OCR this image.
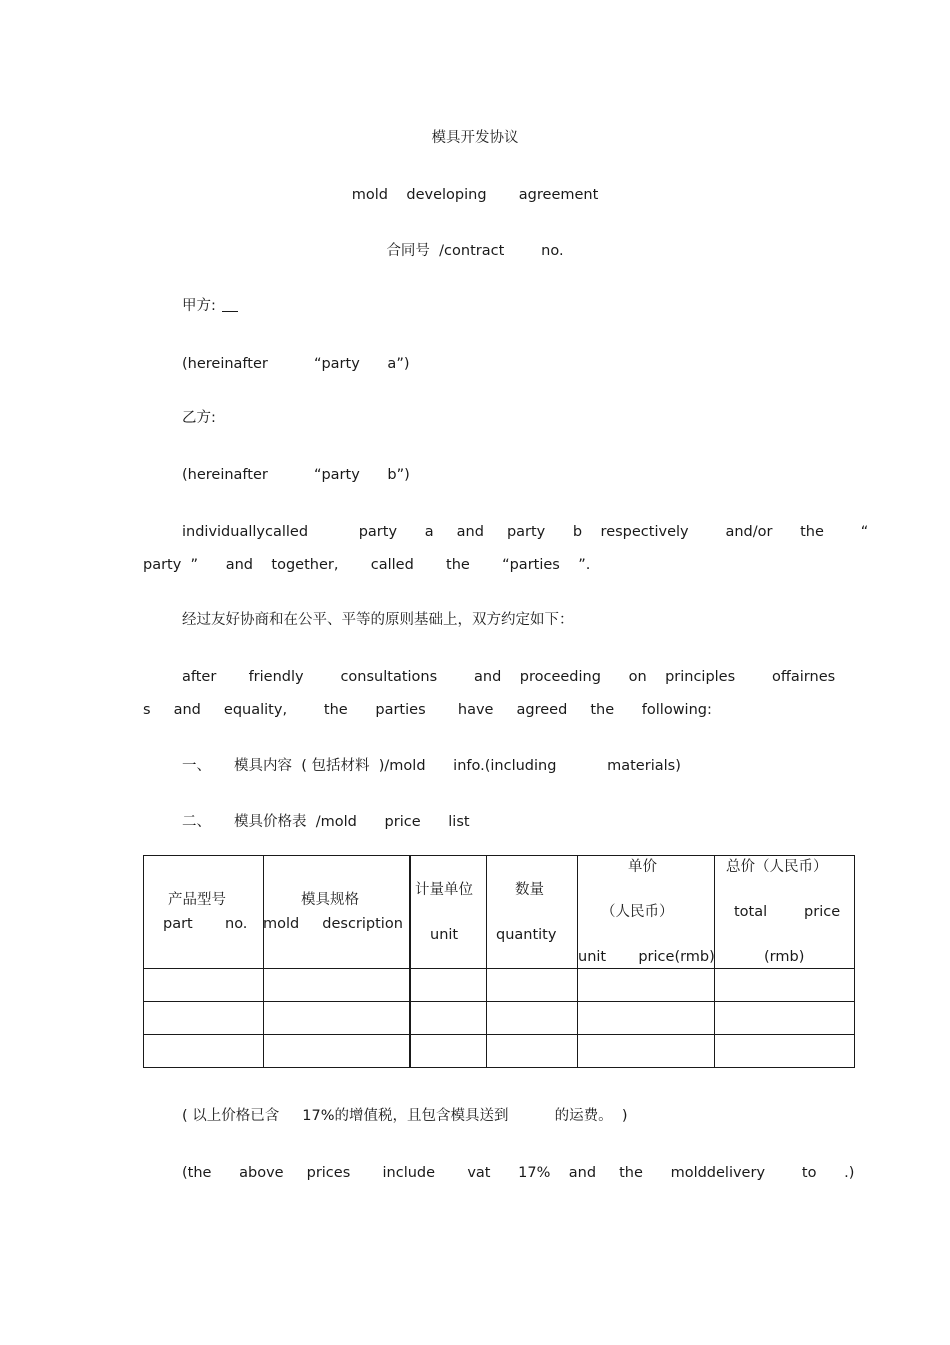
模具开发协议
mold    developing       agreement
合同号  /contract        no.
甲方:
(hereinafter          “party      a”)
乙方:
(hereinafter          “party      b”)
individuallycalled           party      a     and     party      b    respectively        and/or      the        “
party  ”      and    together,       called       the       “parties    ”.
经过友好协商和在公平、平等的原则基础上，双方约定如下：
after       friendly        consultations        and    proceeding      on    principles        offairnes
s     and     equality,        the      parties       have     agreed     the      following:
一、     模具内容  ( 包括材料  )/mold      info.(including           materials)
二、     模具价格表  /mold      price      list
产品型号
part       no.
模具规格
mold     description
计量单位
unit
数量
quantity
单价
（人民币）
unit       price(rmb)
总价（人民币）
total        price
(rmb)
( 以上价格已含     17%的增值税，且包含模具送到          的运费。  )
(the      above     prices       include       vat      17%    and     the      molddelivery        to      .)
